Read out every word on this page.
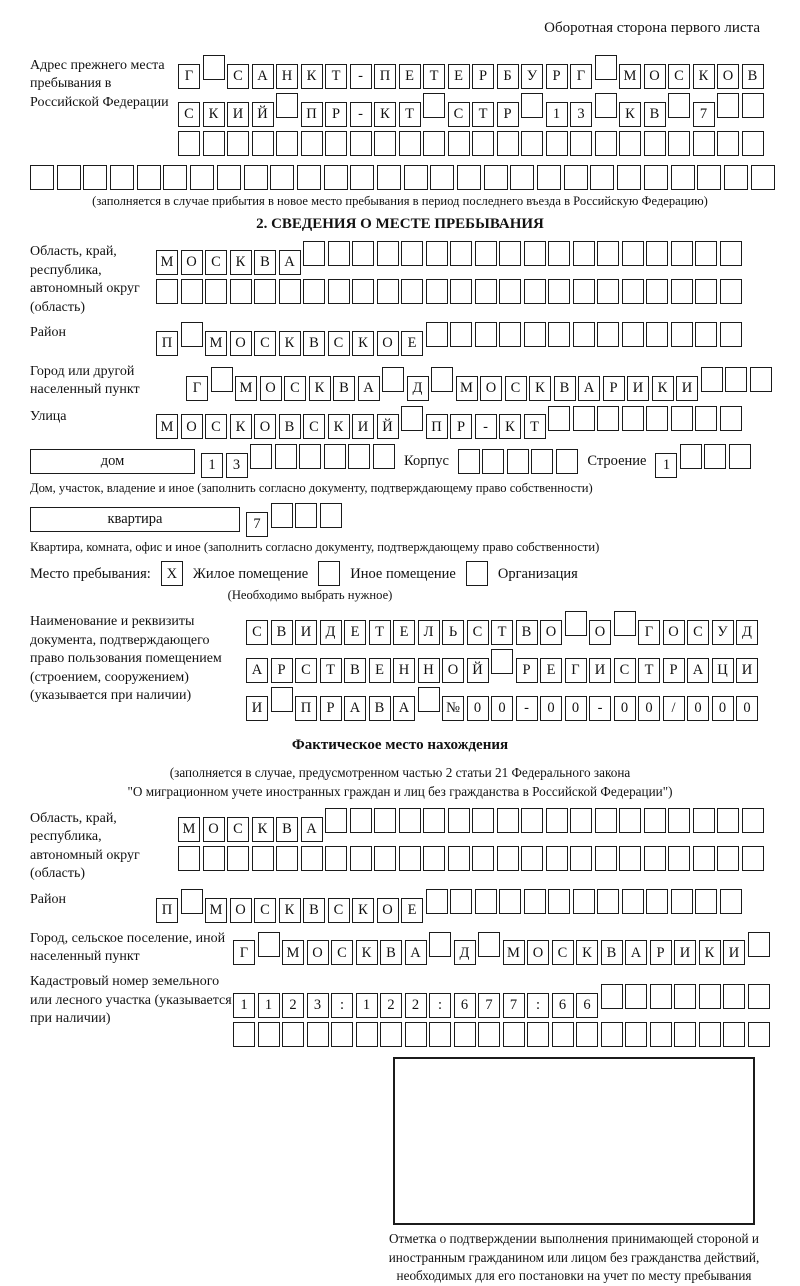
Оборотная сторона первого листа
Адрес прежнего места пребывания в Российской Федерации
Г	С А Н К Т - П Е Т Е Р Б У Р Г	М О С К О В
С К И Й	П Р - К Т	С Т Р	1 3	К В	7
(заполняется в случае прибытия в новое место пребывания в период последнего въезда в Российскую Федерацию)
2. СВЕДЕНИЯ О МЕСТЕ ПРЕБЫВАНИЯ
Область, край, республика, автономный округ (область)
М О С К В А
Район
П	М О С К В С К О Е
Город или другой населенный пункт	Г	М О С К В А	Д	М О С К В А Р И К И
Улица
М О С К О В С К И Й	П Р - К Т
дом	1 3	Корпус	Строение	1
Дом, участок, владение и иное (заполнить согласно документу, подтверждающему право собственности)
квартира	7
Квартира, комната, офис и иное (заполнить согласно документу, подтверждающему право собственности)
Место пребывания:	X	Жилое помещение	Иное помещение	Организация
(Необходимо выбрать нужное)
Наименование и реквизиты документа, подтверждающего право пользования помещением (строением, сооружением) (указывается при наличии)
С В И Д Е Т Е Л Ь С Т В О	О	Г О С У Д
А Р С Т В Е Н Н О Й	Р Е Г И С Т Р А Ц И
И	П Р А В А	№ 0 0 - 0 0 - 0 0 / 0 0 0
Фактическое место нахождения
(заполняется в случае, предусмотренном частью 2 статьи 21 Федерального закона
"О миграционном учете иностранных граждан и лиц без гражданства в Российской Федерации")
Область, край, республика, автономный округ (область)
М О С К В А
Район
П	М О С К В С К О Е
Город, сельское поселение, иной населенный пункт	Г	М О С К В А	Д	М О С К В А Р И К И
Кадастровый номер земельного или лесного участка (указывается при наличии)
1 1 2 3 : 1 2 2 : 6 7 7 : 6 6
Отметка о подтверждении выполнения принимающей стороной и иностранным гражданином или лицом без гражданства действий, необходимых для его постановки на учет по месту пребывания
